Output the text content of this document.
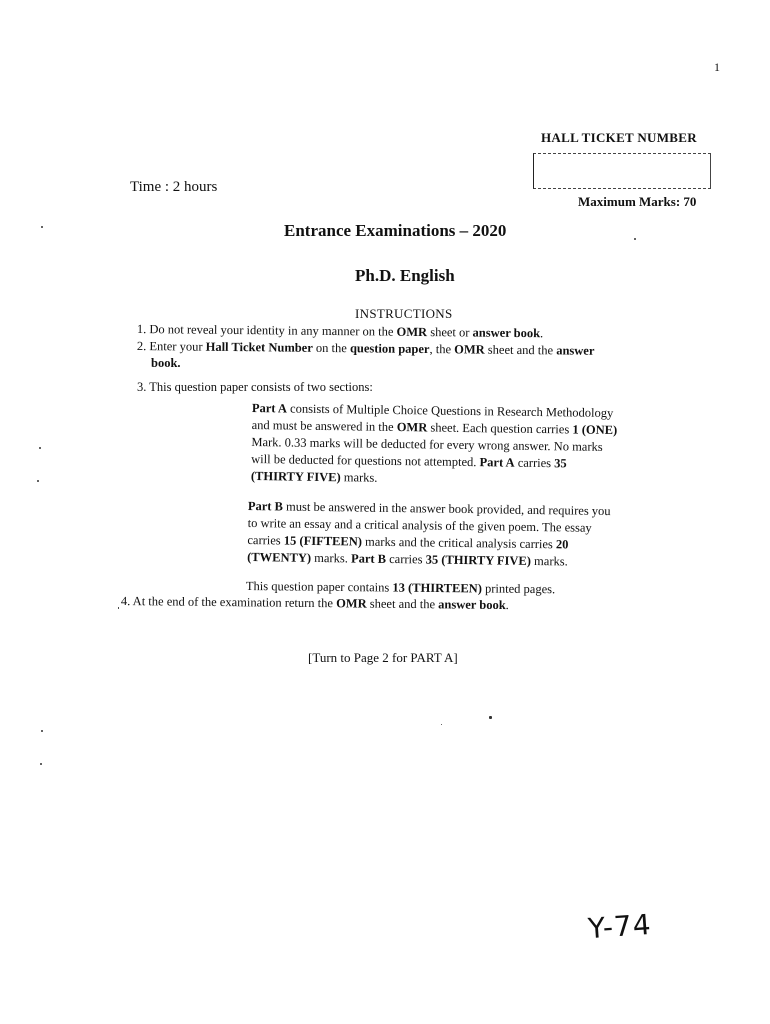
1
HALL TICKET NUMBER
Time : 2 hours
Maximum Marks: 70
Entrance Examinations – 2020
Ph.D. English
INSTRUCTIONS
1. Do not reveal your identity in any manner on the OMR sheet or answer book.
2. Enter your Hall Ticket Number on the question paper, the OMR sheet and the answer
book.
3. This question paper consists of two sections:
Part A consists of Multiple Choice Questions in Research Methodology
and must be answered in the OMR sheet. Each question carries 1 (ONE)
Mark. 0.33 marks will be deducted for every wrong answer. No marks
will be deducted for questions not attempted. Part A carries 35
(THIRTY FIVE) marks.
Part B must be answered in the answer book provided, and requires you
to write an essay and a critical analysis of the given poem. The essay
carries 15 (FIFTEEN) marks and the critical analysis carries 20
(TWENTY) marks. Part B carries 35 (THIRTY FIVE) marks.
This question paper contains 13 (THIRTEEN) printed pages.
4. At the end of the examination return the OMR sheet and the answer book.
[Turn to Page 2 for PART A]
Y-74
